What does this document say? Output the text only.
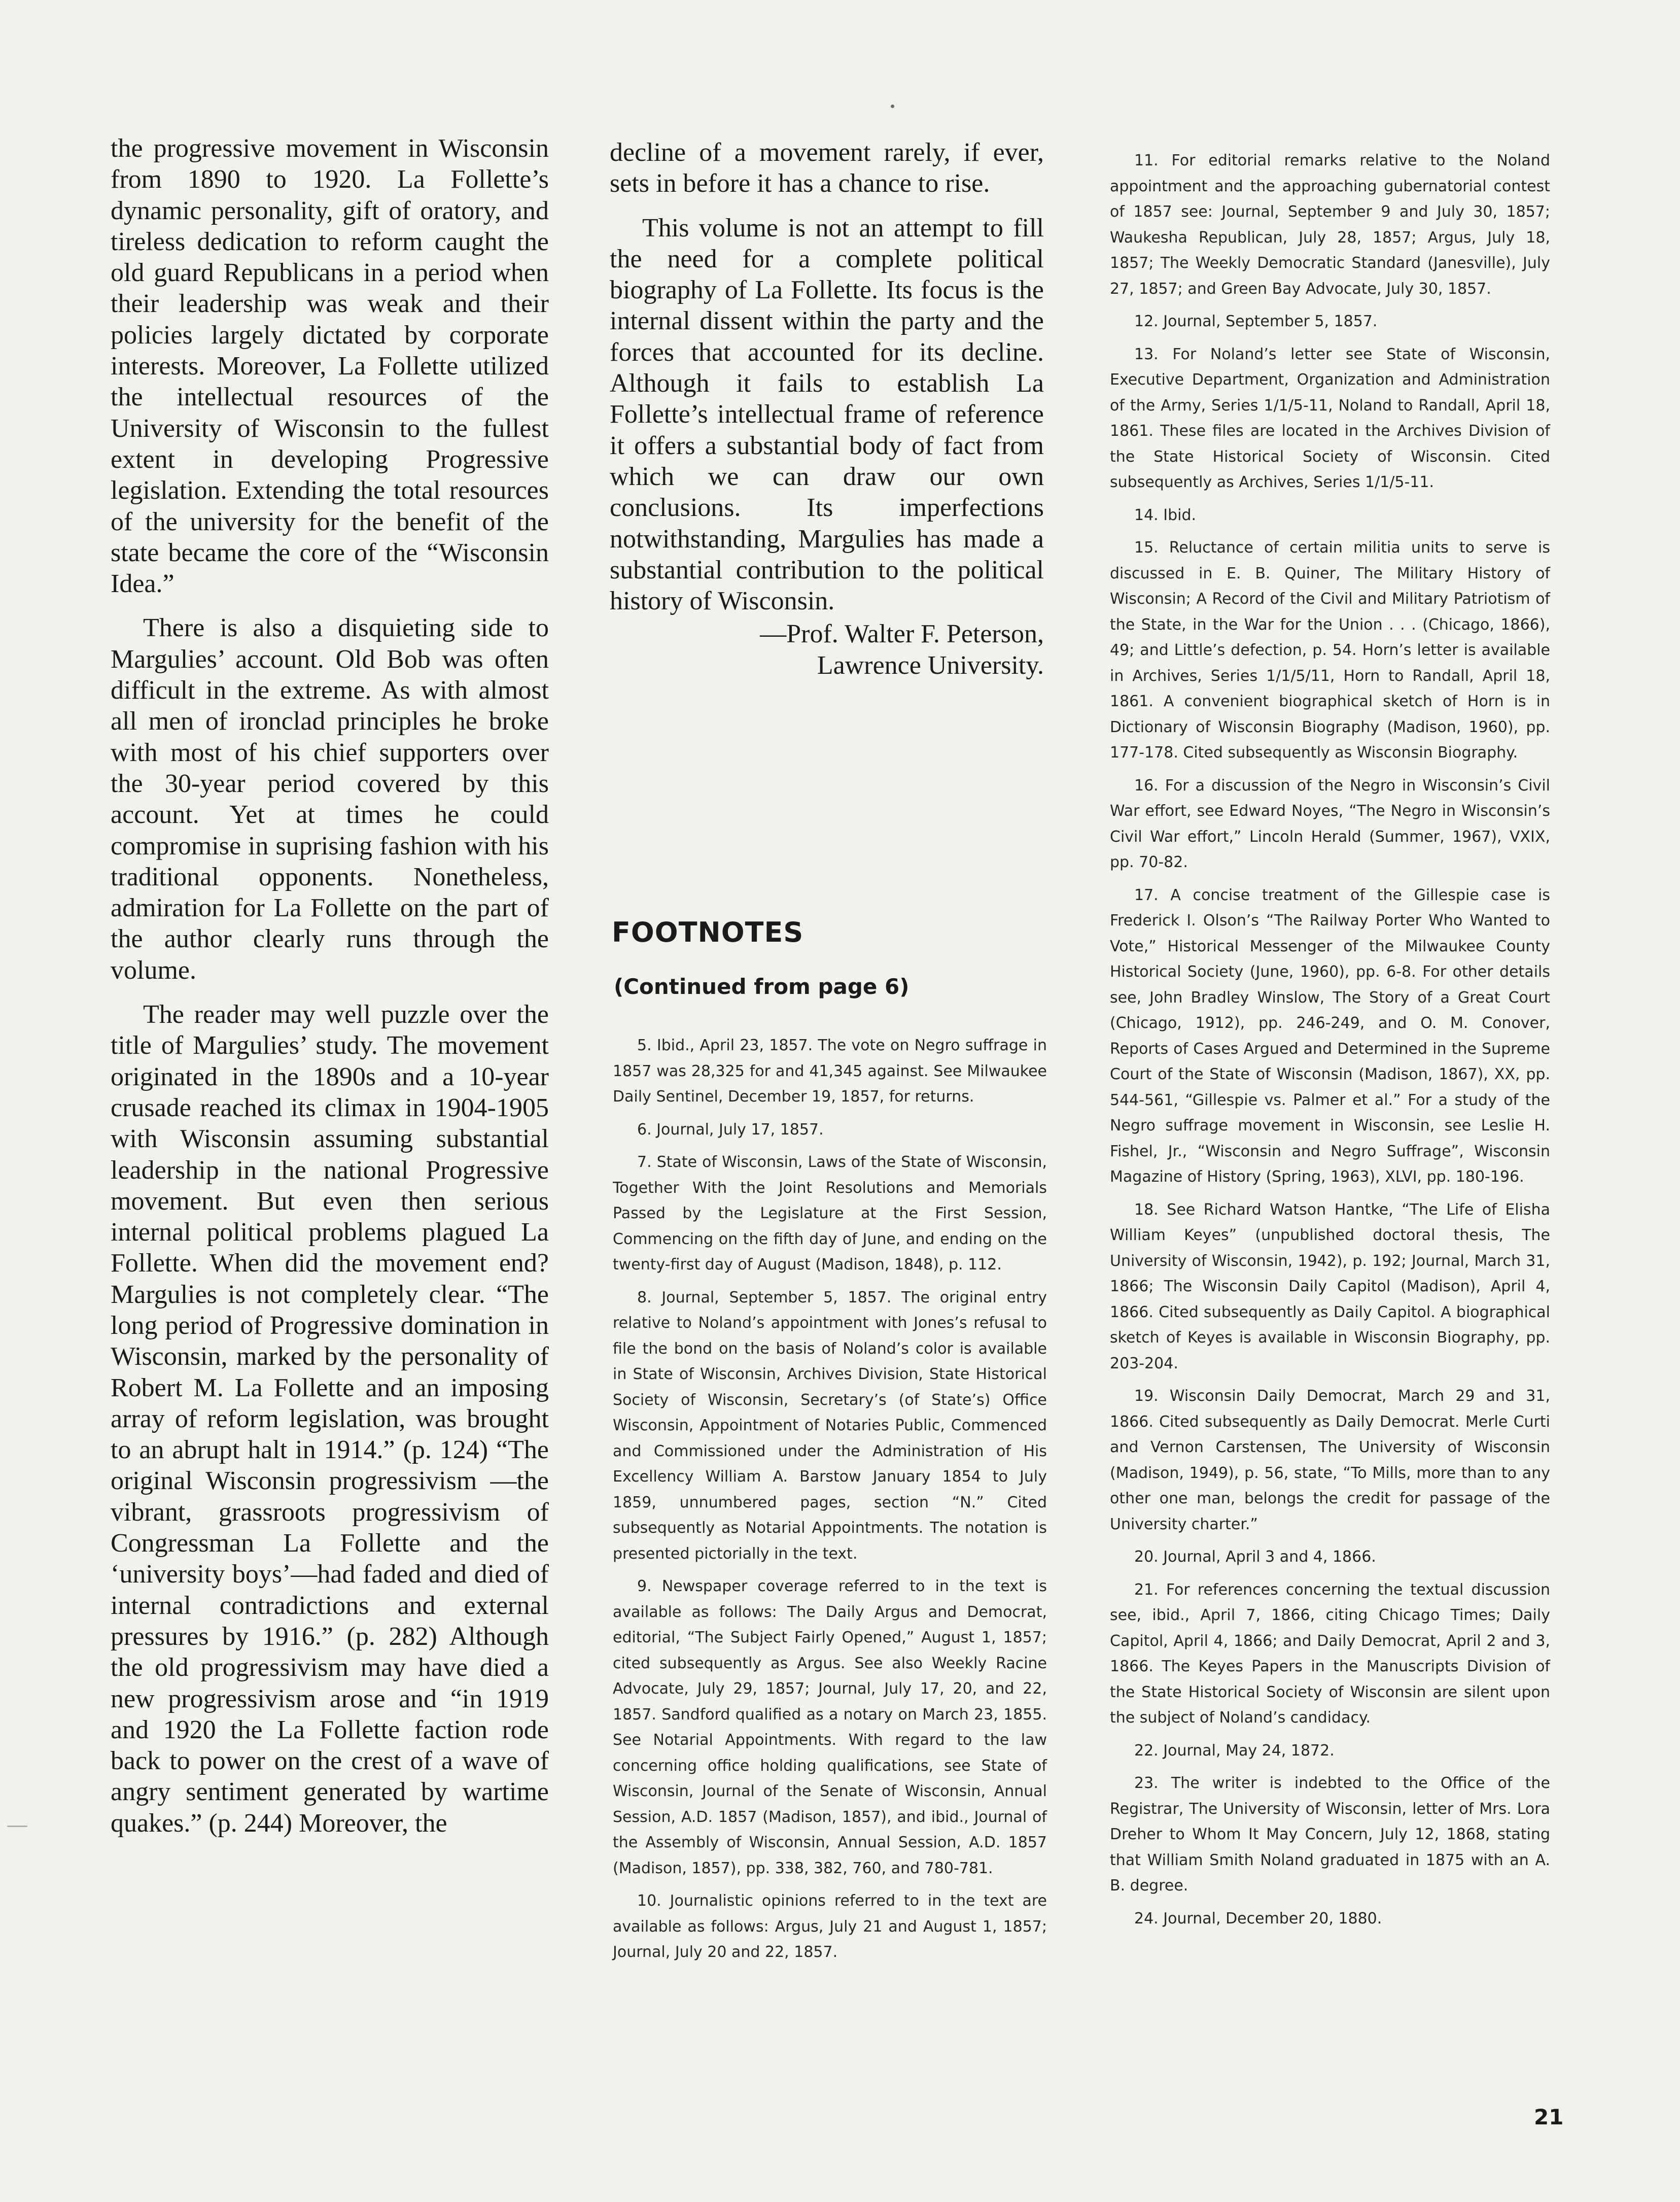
the progressive movement in Wisconsin from 1890 to 1920. La Follette’s dynamic personality, gift of oratory, and tireless dedication to reform caught the old guard Republicans in a period when their leadership was weak and their policies largely dictated by corporate interests. Moreover, La Follette utilized the intellectual resources of the University of Wisconsin to the fullest extent in developing Progressive legislation. Extending the total resources of the university for the benefit of the state became the core of the “Wisconsin Idea.”

There is also a disquieting side to Margulies’ account. Old Bob was often difficult in the extreme. As with almost all men of ironclad principles he broke with most of his chief supporters over the 30-year period covered by this account. Yet at times he could compromise in suprising fashion with his traditional opponents. Nonetheless, admiration for La Follette on the part of the author clearly runs through the volume.

The reader may well puzzle over the title of Margulies’ study. The movement originated in the 1890s and a 10-year crusade reached its climax in 1904-1905 with Wisconsin assuming substantial leadership in the national Progressive movement. But even then serious internal political problems plagued La Follette. When did the movement end? Margulies is not completely clear. “The long period of Progressive domination in Wisconsin, marked by the personality of Robert M. La Follette and an imposing array of reform legislation, was brought to an abrupt halt in 1914.” (p. 124) “The original Wisconsin progressivism —the vibrant, grassroots progressivism of Congressman La Follette and the ‘university boys’—had faded and died of internal contradictions and external pressures by 1916.” (p. 282) Although the old progressivism may have died a new progressivism arose and “in 1919 and 1920 the La Follette faction rode back to power on the crest of a wave of angry sentiment generated by wartime quakes.” (p. 244) Moreover, the

decline of a movement rarely, if ever, sets in before it has a chance to rise.

This volume is not an attempt to fill the need for a complete political biography of La Follette. Its focus is the internal dissent within the party and the forces that accounted for its decline. Although it fails to establish La Follette’s intellectual frame of reference it offers a substantial body of fact from which we can draw our own conclusions. Its imperfections notwithstanding, Margulies has made a substantial contribution to the political history of Wisconsin.

—Prof. Walter F. Peterson,

Lawrence University.

FOOTNOTES
(Continued from page 6)

5. Ibid., April 23, 1857. The vote on Negro suffrage in 1857 was 28,325 for and 41,345 against. See Milwaukee Daily Sentinel, December 19, 1857, for returns.

6. Journal, July 17, 1857.

7. State of Wisconsin, Laws of the State of Wisconsin, Together With the Joint Resolutions and Memorials Passed by the Legislature at the First Session, Commencing on the fifth day of June, and ending on the twenty-first day of August (Madison, 1848), p. 112.

8. Journal, September 5, 1857. The original entry relative to Noland’s appointment with Jones’s refusal to file the bond on the basis of Noland’s color is available in State of Wisconsin, Archives Division, State Historical Society of Wisconsin, Secretary’s (of State’s) Office Wisconsin, Appointment of Notaries Public, Commenced and Commissioned under the Administration of His Excellency William A. Barstow January 1854 to July 1859, unnumbered pages, section “N.” Cited subsequently as Notarial Appointments. The notation is presented pictorially in the text.

9. Newspaper coverage referred to in the text is available as follows: The Daily Argus and Democrat, editorial, “The Subject Fairly Opened,” August 1, 1857; cited subsequently as Argus. See also Weekly Racine Advocate, July 29, 1857; Journal, July 17, 20, and 22, 1857. Sandford qualified as a notary on March 23, 1855. See Notarial Appointments. With regard to the law concerning office holding qualifications, see State of Wisconsin, Journal of the Senate of Wisconsin, Annual Session, A.D. 1857 (Madison, 1857), and ibid., Journal of the Assembly of Wisconsin, Annual Session, A.D. 1857 (Madison, 1857), pp. 338, 382, 760, and 780-781.

10. Journalistic opinions referred to in the text are available as follows: Argus, July 21 and August 1, 1857; Journal, July 20 and 22, 1857.

11. For editorial remarks relative to the Noland appointment and the approaching gubernatorial contest of 1857 see: Journal, September 9 and July 30, 1857; Waukesha Republican, July 28, 1857; Argus, July 18, 1857; The Weekly Democratic Standard (Janesville), July 27, 1857; and Green Bay Advocate, July 30, 1857.

12. Journal, September 5, 1857.

13. For Noland’s letter see State of Wisconsin, Executive Department, Organization and Administration of the Army, Series 1/1/5-11, Noland to Randall, April 18, 1861. These files are located in the Archives Division of the State Historical Society of Wisconsin. Cited subsequently as Archives, Series 1/1/5-11.

14. Ibid.

15. Reluctance of certain militia units to serve is discussed in E. B. Quiner, The Military History of Wisconsin; A Record of the Civil and Military Patriotism of the State, in the War for the Union . . . (Chicago, 1866), 49; and Little’s defection, p. 54. Horn’s letter is available in Archives, Series 1/1/5/11, Horn to Randall, April 18, 1861. A convenient biographical sketch of Horn is in Dictionary of Wisconsin Biography (Madison, 1960), pp. 177-178. Cited subsequently as Wisconsin Biography.

16. For a discussion of the Negro in Wisconsin’s Civil War effort, see Edward Noyes, “The Negro in Wisconsin’s Civil War effort,” Lincoln Herald (Summer, 1967), VXIX, pp. 70-82.

17. A concise treatment of the Gillespie case is Frederick I. Olson’s “The Railway Porter Who Wanted to Vote,” Historical Messenger of the Milwaukee County Historical Society (June, 1960), pp. 6-8. For other details see, John Bradley Winslow, The Story of a Great Court (Chicago, 1912), pp. 246-249, and O. M. Conover, Reports of Cases Argued and Determined in the Supreme Court of the State of Wisconsin (Madison, 1867), XX, pp. 544-561, “Gillespie vs. Palmer et al.” For a study of the Negro suffrage movement in Wisconsin, see Leslie H. Fishel, Jr., “Wisconsin and Negro Suffrage”, Wisconsin Magazine of History (Spring, 1963), XLVI, pp. 180-196.

18. See Richard Watson Hantke, “The Life of Elisha William Keyes” (unpublished doctoral thesis, The University of Wisconsin, 1942), p. 192; Journal, March 31, 1866; The Wisconsin Daily Capitol (Madison), April 4, 1866. Cited subsequently as Daily Capitol. A biographical sketch of Keyes is available in Wisconsin Biography, pp. 203-204.

19. Wisconsin Daily Democrat, March 29 and 31, 1866. Cited subsequently as Daily Democrat. Merle Curti and Vernon Carstensen, The University of Wisconsin (Madison, 1949), p. 56, state, “To Mills, more than to any other one man, belongs the credit for passage of the University charter.”

20. Journal, April 3 and 4, 1866.

21. For references concerning the textual discussion see, ibid., April 7, 1866, citing Chicago Times; Daily Capitol, April 4, 1866; and Daily Democrat, April 2 and 3, 1866. The Keyes Papers in the Manuscripts Division of the State Historical Society of Wisconsin are silent upon the subject of Noland’s candidacy.

22. Journal, May 24, 1872.

23. The writer is indebted to the Office of the Registrar, The University of Wisconsin, letter of Mrs. Lora Dreher to Whom It May Concern, July 12, 1868, stating that William Smith Noland graduated in 1875 with an A. B. degree.

24. Journal, December 20, 1880.

21
